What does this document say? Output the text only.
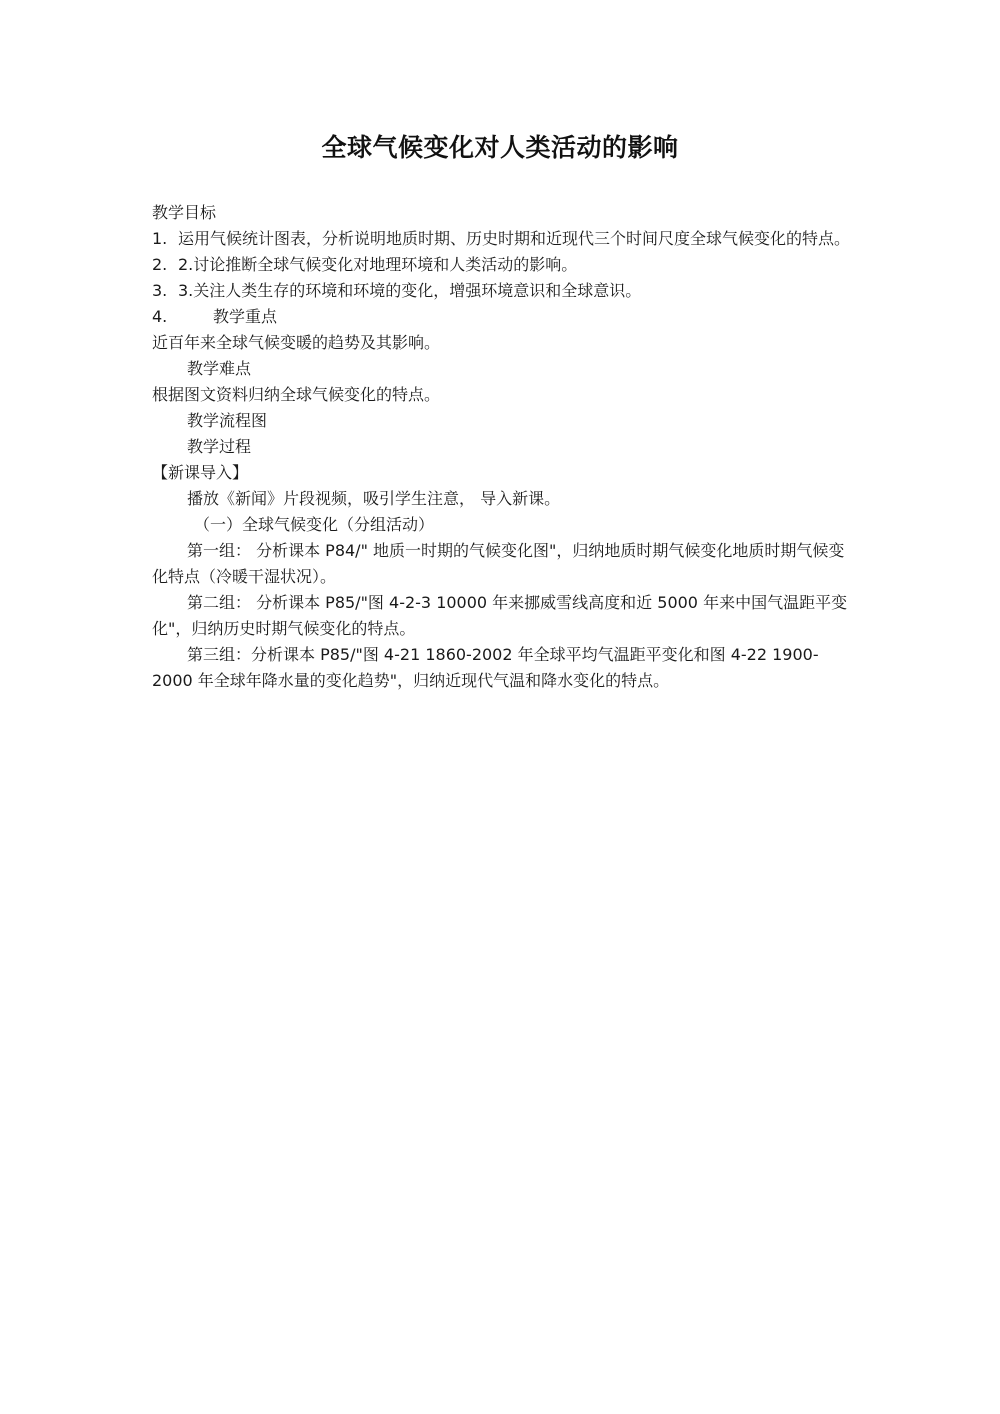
全球气候变化对人类活动的影响

教学目标

1. 运用气候统计图表，分析说明地质时期、历史时期和近现代三个时间尺度全球气候变化的特点。

2. 2.讨论推断全球气候变化对地理环境和人类活动的影响。

3. 3.关注人类生存的环境和环境的变化，增强环境意识和全球意识。

4.	教学重点

近百年来全球气候变暖的趋势及其影响。

教学难点

根据图文资料归纳全球气候变化的特点。

教学流程图

教学过程

【新课导入】

播放《新闻》片段视频，吸引学生注意， 导入新课。

（一）全球气候变化（分组活动）

第一组： 分析课本 P84/" 地质一时期的气候变化图"，归纳地质时期气候变化地质时期气候变化特点（冷暖干湿状况）。

第二组： 分析课本 P85/"图 4-2-3 10000 年来挪威雪线高度和近 5000 年来中国气温距平变化"，归纳历史时期气候变化的特点。

第三组：分析课本 P85/"图 4-21 1860-2002 年全球平均气温距平变化和图 4-22 1900-2000 年全球年降水量的变化趋势"，归纳近现代气温和降水变化的特点。
